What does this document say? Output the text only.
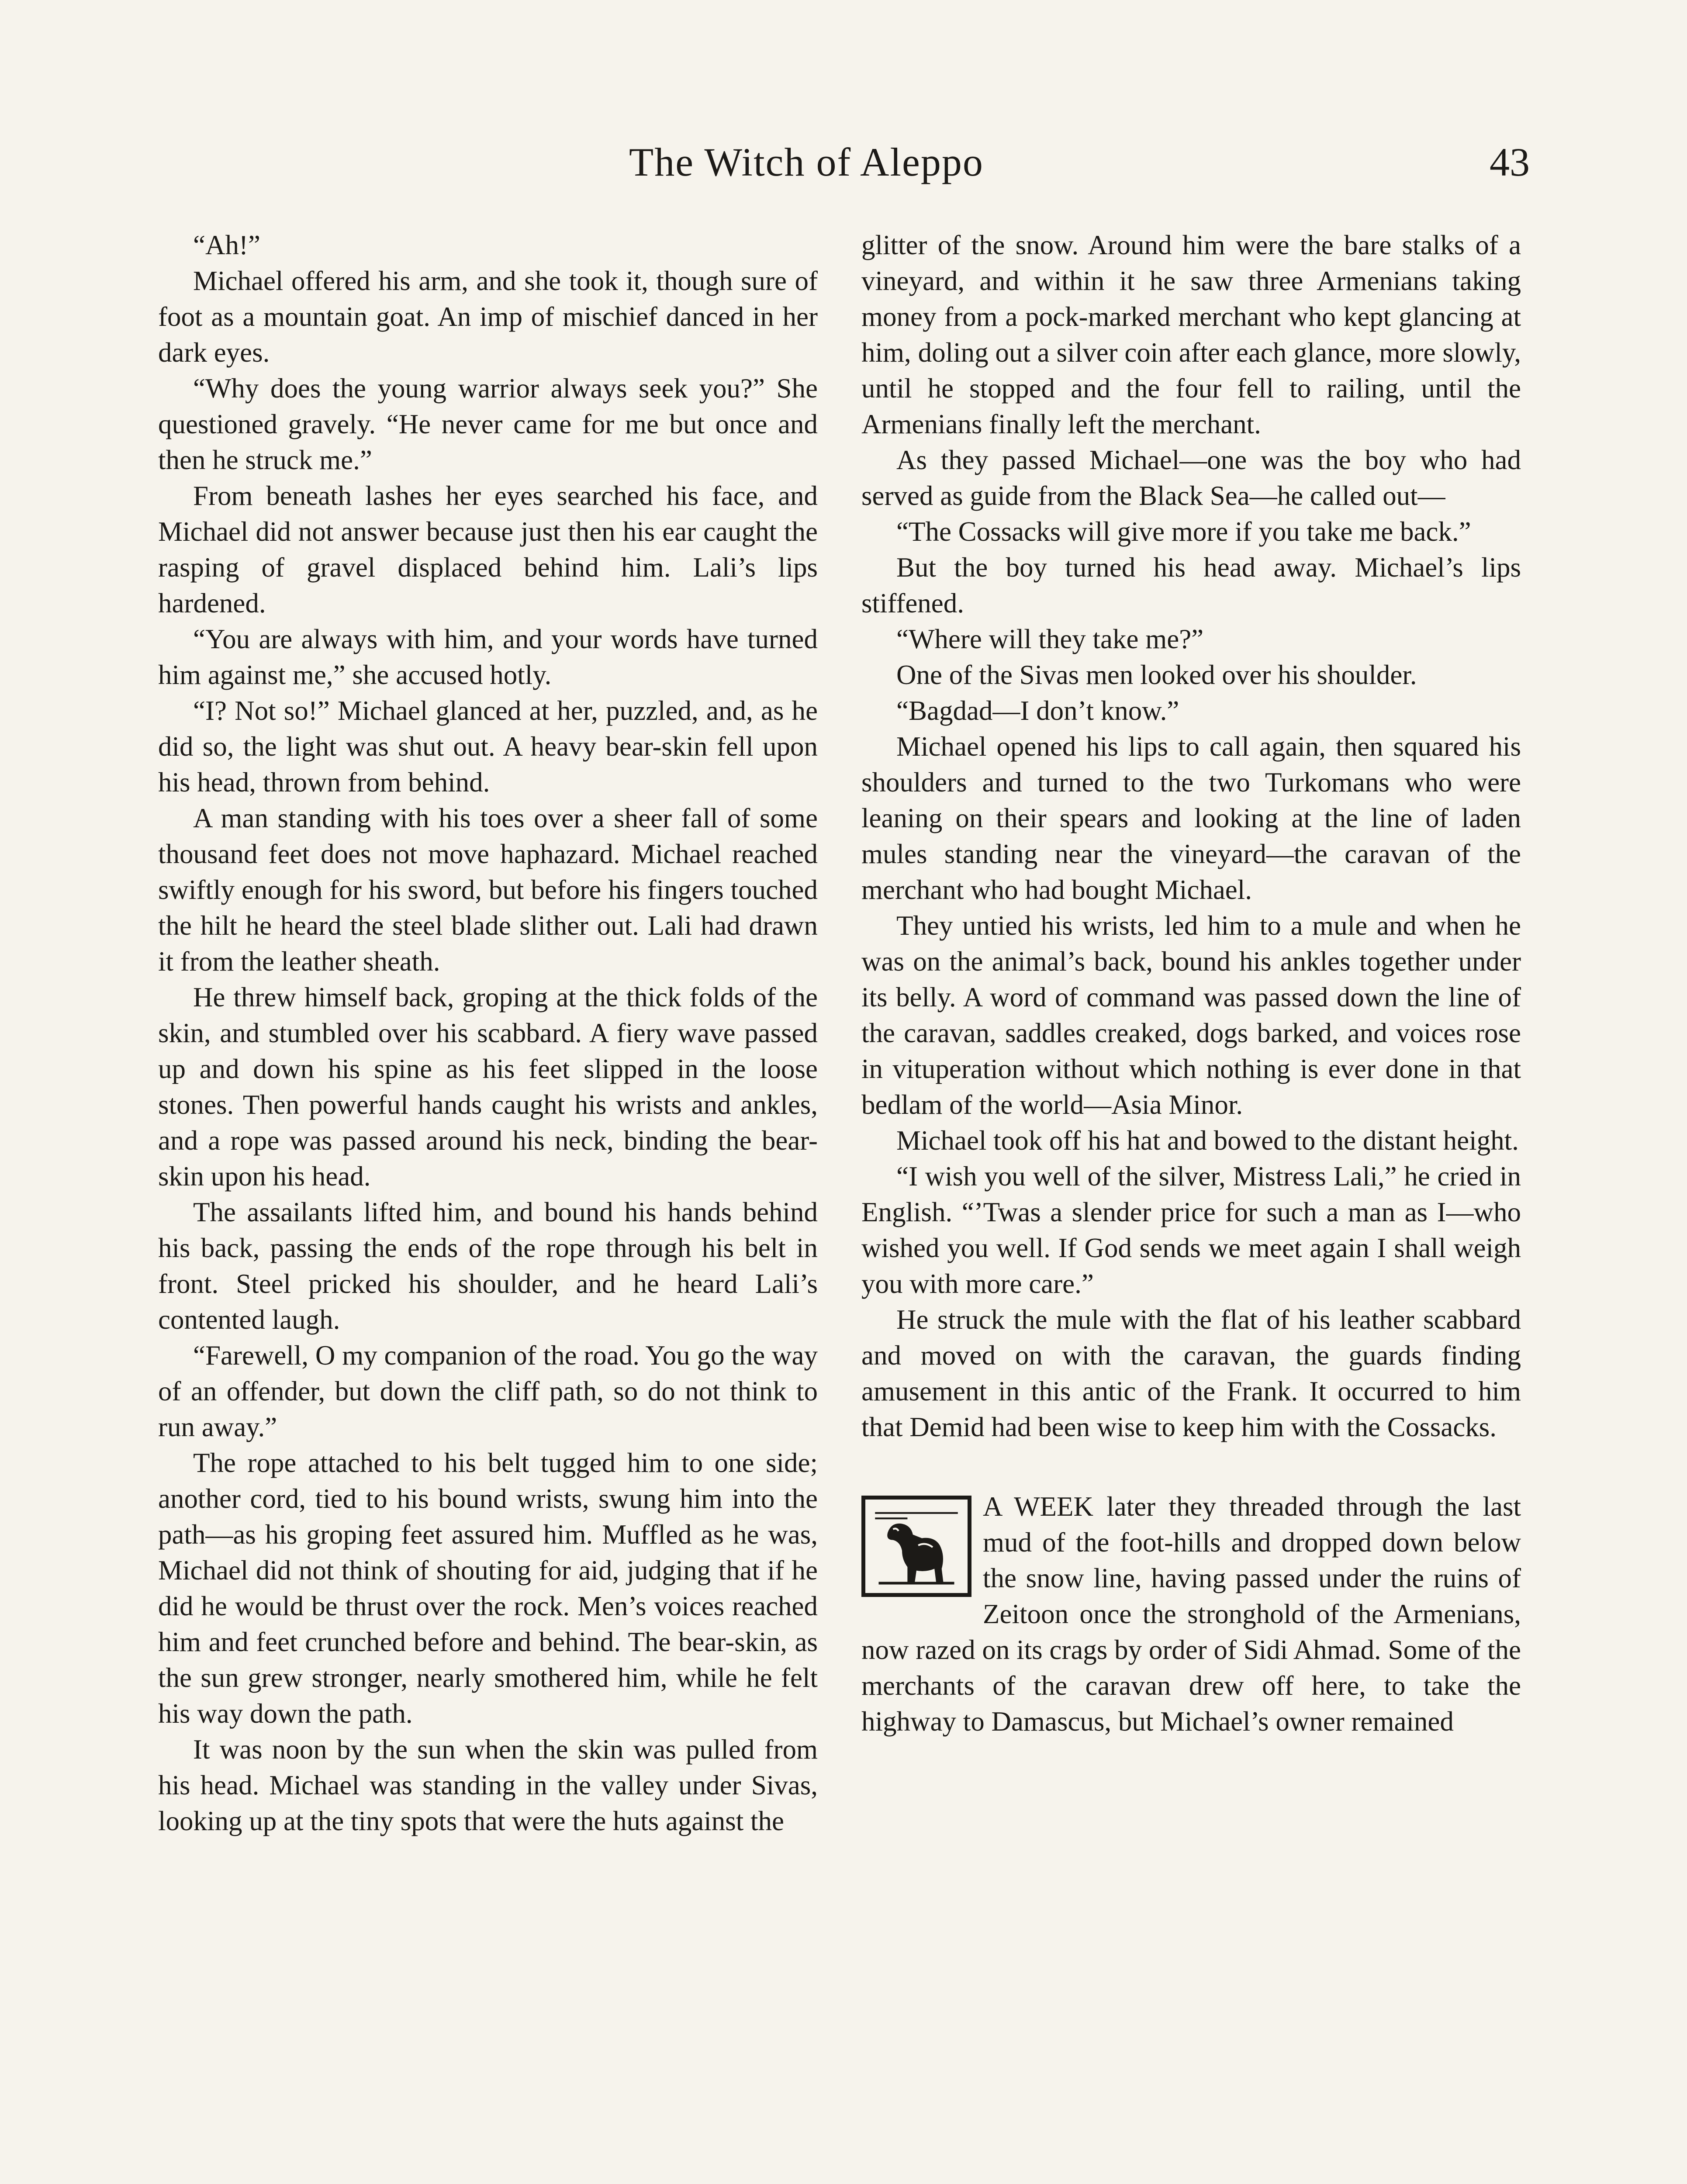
The Witch of Aleppo	43

“Ah!”

Michael offered his arm, and she took it, though sure of foot as a mountain goat. An imp of mischief danced in her dark eyes.

“Why does the young warrior always seek you?” She questioned gravely. “He never came for me but once and then he struck me.”

From beneath lashes her eyes searched his face, and Michael did not answer because just then his ear caught the rasping of gravel displaced behind him. Lali’s lips hardened.

“You are always with him, and your words have turned him against me,” she accused hotly.

“I? Not so!” Michael glanced at her, puzzled, and, as he did so, the light was shut out. A heavy bear-skin fell upon his head, thrown from behind.

A man standing with his toes over a sheer fall of some thousand feet does not move haphazard. Michael reached swiftly enough for his sword, but before his fingers touched the hilt he heard the steel blade slither out. Lali had drawn it from the leather sheath.

He threw himself back, groping at the thick folds of the skin, and stumbled over his scabbard. A fiery wave passed up and down his spine as his feet slipped in the loose stones. Then powerful hands caught his wrists and ankles, and a rope was passed around his neck, binding the bear-skin upon his head.

The assailants lifted him, and bound his hands behind his back, passing the ends of the rope through his belt in front. Steel pricked his shoulder, and he heard Lali’s contented laugh.

“Farewell, O my companion of the road. You go the way of an offender, but down the cliff path, so do not think to run away.”

The rope attached to his belt tugged him to one side; another cord, tied to his bound wrists, swung him into the path—as his groping feet assured him. Muffled as he was, Michael did not think of shouting for aid, judging that if he did he would be thrust over the rock. Men’s voices reached him and feet crunched before and behind. The bear-skin, as the sun grew stronger, nearly smothered him, while he felt his way down the path.

It was noon by the sun when the skin was pulled from his head. Michael was standing in the valley under Sivas, looking up at the tiny spots that were the huts against the

glitter of the snow. Around him were the bare stalks of a vineyard, and within it he saw three Armenians taking money from a pock-marked merchant who kept glancing at him, doling out a silver coin after each glance, more slowly, until he stopped and the four fell to railing, until the Armenians finally left the merchant.

As they passed Michael—one was the boy who had served as guide from the Black Sea—he called out—

“The Cossacks will give more if you take me back.”

But the boy turned his head away. Michael’s lips stiffened.

“Where will they take me?”

One of the Sivas men looked over his shoulder.

“Bagdad—I don’t know.”

Michael opened his lips to call again, then squared his shoulders and turned to the two Turkomans who were leaning on their spears and looking at the line of laden mules standing near the vineyard—the caravan of the merchant who had bought Michael.

They untied his wrists, led him to a mule and when he was on the animal’s back, bound his ankles together under its belly. A word of command was passed down the line of the caravan, saddles creaked, dogs barked, and voices rose in vituperation without which nothing is ever done in that bedlam of the world—Asia Minor.

Michael took off his hat and bowed to the distant height.

“I wish you well of the silver, Mistress Lali,” he cried in English. “’Twas a slender price for such a man as I—who wished you well. If God sends we meet again I shall weigh you with more care.”

He struck the mule with the flat of his leather scabbard and moved on with the caravan, the guards finding amusement in this antic of the Frank. It occurred to him that Demid had been wise to keep him with the Cossacks.

A WEEK later they threaded through the last mud of the foot-hills and dropped down below the snow line, having passed under the ruins of Zeitoon once the stronghold of the Armenians, now razed on its crags by order of Sidi Ahmad. Some of the merchants of the caravan drew off here, to take the highway to Damascus, but Michael’s owner remained
